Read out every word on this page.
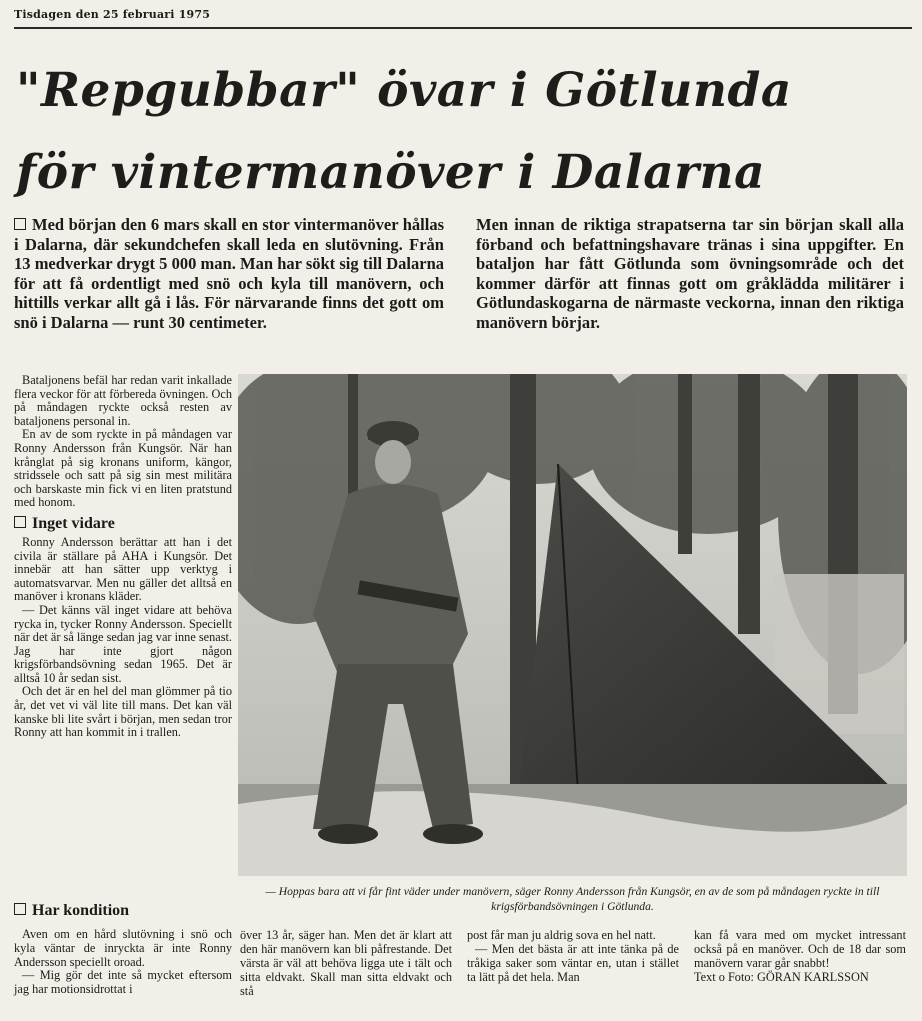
Tisdagen den 25 februari 1975
"Repgubbar" övar i Götlunda
för vintermanöver i Dalarna
Med början den 6 mars skall en stor vintermanöver hållas i Dalarna, där sekundchefen skall leda en slutövning. Från 13 medverkar drygt 5 000 man. Man har sökt sig till Dalarna för att få ordentligt med snö och kyla till manövern, och hittills verkar allt gå i lås. För närvarande finns det gott om snö i Dalarna — runt 30 centimeter.
Men innan de riktiga strapatserna tar sin början skall alla förband och befattningshavare tränas i sina uppgifter. En bataljon har fått Götlunda som övningsområde och det kommer därför att finnas gott om gråklädda militärer i Götlundaskogarna de närmaste veckorna, innan den riktiga manövern börjar.

Bataljonens befäl har redan varit inkallade flera veckor för att förbereda övningen. Och på måndagen ryckte också resten av bataljonens personal in.

En av de som ryckte in på måndagen var Ronny Andersson från Kungsör. När han krånglat på sig kronans uniform, kängor, stridssele och satt på sig sin mest militära och barskaste min fick vi en liten pratstund med honom.

Inget vidare

Ronny Andersson berättar att han i det civila är ställare på AHA i Kungsör. Det innebär att han sätter upp verktyg i automatsvarvar. Men nu gäller det alltså en manöver i kronans kläder.

— Det känns väl inget vidare att behöva rycka in, tycker Ronny Andersson. Speciellt när det är så länge sedan jag var inne senast. Jag har inte gjort någon krigsförbandsövning sedan 1965. Det är alltså 10 år sedan sist.

Och det är en hel del man glömmer på tio år, det vet vi väl lite till mans. Det kan väl kanske bli lite svårt i början, men sedan tror Ronny att han kommit in i trallen.

Har kondition

Aven om en hård slutövning i snö och kyla väntar de inryckta är inte Ronny Andersson speciellt oroad.

— Mig gör det inte så mycket eftersom jag har motionsidrottat i

— Hoppas bara att vi får fint väder under manövern, säger Ronny Andersson från Kungsör, en av de som på måndagen ryckte in till krigsförbandsövningen i Götlunda.

över 13 år, säger han. Men det är klart att den här manövern kan bli påfrestande. Det värsta är väl att behöva ligga ute i tält och sitta eldvakt. Skall man sitta eldvakt och stå

post får man ju aldrig sova en hel natt.

— Men det bästa är att inte tänka på de tråkiga saker som väntar en, utan i stället ta lätt på det hela. Man

kan få vara med om mycket intressant också på en manöver. Och de 18 dar som manövern varar går snabbt!

Text o Foto: GÖRAN KARLSSON
